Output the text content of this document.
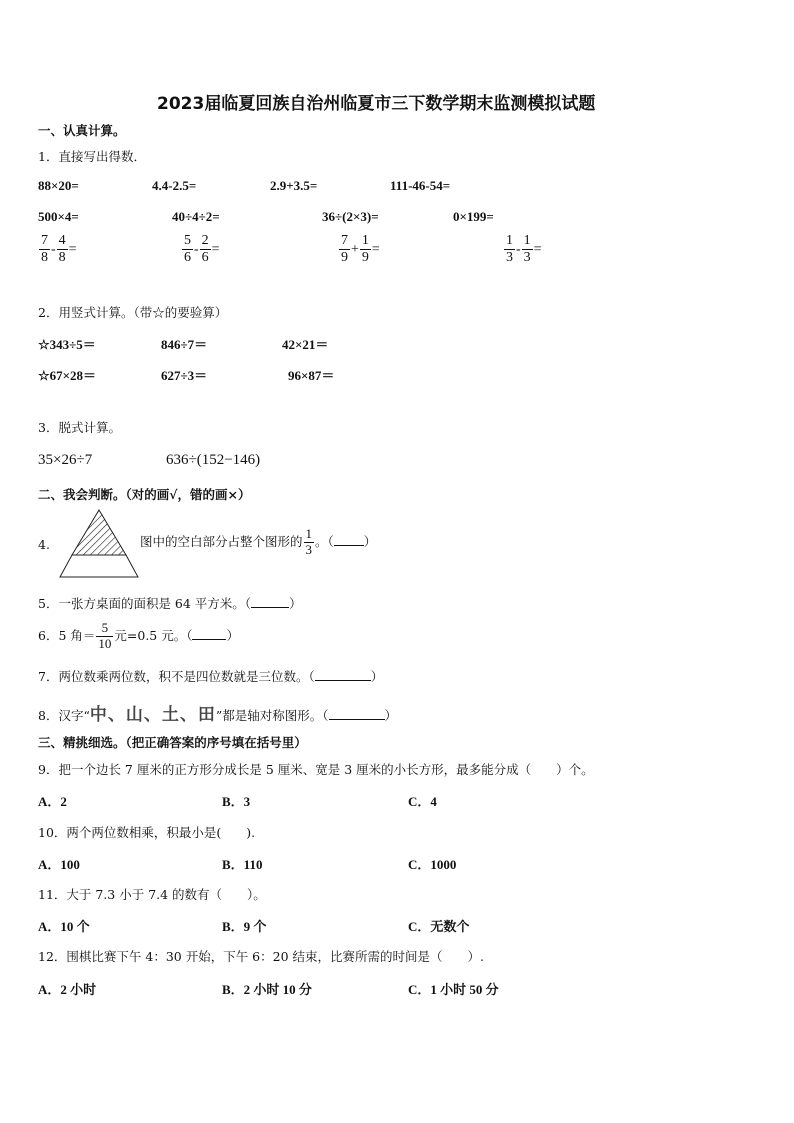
2023届临夏回族自治州临夏市三下数学期末监测模拟试题
一、认真计算。
1．直接写出得数．
88×20=	4.4-2.5=	2.9+3.5=	111-46-54=
500×4=	40÷4÷2=	36÷(2×3)=	0×199=
$\frac{7}{8} - \frac{4}{8}$ =	$\frac{5}{6} - \frac{2}{6}$ =	$\frac{7}{9} + \frac{1}{9}$ =	$\frac{1}{3} - \frac{1}{3}$ =
2．用竖式计算。（带☆的要验算）
☆343÷5＝	846÷7＝	42×21＝
☆67×28＝	627÷3＝	96×87＝
3．脱式计算。
35×26÷7	636÷(152−146)
二、我会判断。（对的画√，错的画×）
4.	图中的空白部分占整个图形的 $\frac{1}{3}$ 。（ ）
5．一张方桌面的面积是 64 平方米。（	）
6．5 角＝ $\frac{5}{10}$ 元=0.5 元。（	）
7．两位数乘两位数，积不是四位数就是三位数。（	）
8．汉字“中、山、土、田”都是轴对称图形。（	）
三、精挑细选。（把正确答案的序号填在括号里）
9．把一个边长 7 厘米的正方形分成长是 5 厘米、宽是 3 厘米的小长方形，最多能分成（　　）个。
A．2	B．3	C．4
10．两个两位数相乘，积最小是(　　).
A．100	B．110	C．1000
11．大于 7.3 小于 7.4 的数有（　　）。
A．10 个	B．9 个	C．无数个
12．围棋比赛下午 4：30 开始，下午 6：20 结束，比赛所需的时间是（　　）.
A．2 小时	B．2 小时 10 分	C．1 小时 50 分
